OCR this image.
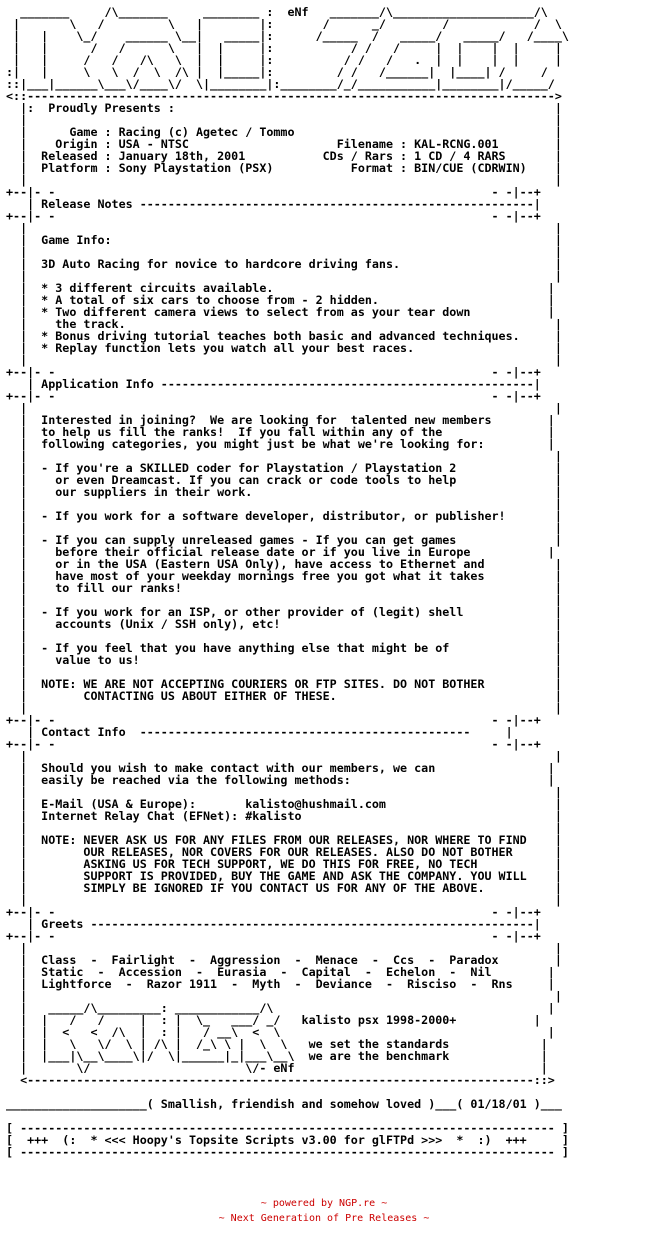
_______     /\_______     ________ :  eNf   _______/\____________________/\
|       \   /         \   |        |:       /      _/        /            /  \
|   |    \_/    ______ \__|   _____|:      /_____  /   _____/   _____/   /____\
|   |      /   /      \   |  |     |:           / /   /     |  |    |  |     |
|   |     /   /   /\   \  |  |     |:          / /   /   .  |  |    |  |     |
:|   |     \   \  /  \  /\ |  |_____|:         / /   /______|  |____| /     /
::|___|______\___\/____\/  \|________|:________/_/___________|________|/_____/
<::--------------------------------------------------------------------------->
|:  Proudly Presents :                                                      |
|                                                                           |
|      Game : Racing (c) Agetec / Tommo                                     |
|    Origin : USA - NTSC                     Filename : KAL-RCNG.001        |
|  Released : January 18th, 2001           CDs / Rars : 1 CD / 4 RARS       |
|  Platform : Sony Playstation (PSX)           Format : BIN/CUE (CDRWIN)    |
|                                                                           |
+--|- -                                                              - -|--+
| Release Notes --------------------------------------------------------|
+--|- -                                                              - -|--+
|                                                                           |
|  Game Info:                                                               |
|                                                                           |
|  3D Auto Racing for novice to hardcore driving fans.                      |
|                                                                           |
|  * 3 different circuits available.                                       |
|  * A total of six cars to choose from - 2 hidden.                        |
|  * Two different camera views to select from as your tear down           |
|    the track.                                                             |
|  * Bonus driving tutorial teaches both basic and advanced techniques.     |
|  * Replay function lets you watch all your best races.                    |
|                                                                           |
+--|- -                                                              - -|--+
| Application Info -----------------------------------------------------|
+--|- -                                                              - -|--+
|                                                                           |
|  Interested in joining?  We are looking for  talented new members        |
|  to help us fill the ranks!  If you fall within any of the               |
|  following categories, you might just be what we're looking for:         |
|                                                                           |
|  - If you're a SKILLED coder for Playstation / Playstation 2              |
|    or even Dreamcast. If you can crack or code tools to help              |
|    our suppliers in their work.                                           |
|                                                                           |
|  - If you work for a software developer, distributor, or publisher!       |
|                                                                           |
|  - If you can supply unreleased games - If you can get games              |
|    before their official release date or if you live in Europe           |
|    or in the USA (Eastern USA Only), have access to Ethernet and          |
|    have most of your weekday mornings free you got what it takes          |
|    to fill our ranks!                                                     |
|                                                                           |
|  - If you work for an ISP, or other provider of (legit) shell             |
|    accounts (Unix / SSH only), etc!                                       |
|                                                                           |
|  - If you feel that you have anything else that might be of               |
|    value to us!                                                           |
|                                                                           |
|  NOTE: WE ARE NOT ACCEPTING COURIERS OR FTP SITES. DO NOT BOTHER          |
|        CONTACTING US ABOUT EITHER OF THESE.                               |
|                                                                           |
+--|- -                                                              - -|--+
| Contact Info  -----------------------------------------------     |
+--|- -                                                              - -|--+
|                                                                           |
|  Should you wish to make contact with our members, we can                |
|  easily be reached via the following methods:                            |
|                                                                           |
|  E-Mail (USA & Europe):       kalisto@hushmail.com                        |
|  Internet Relay Chat (EFNet): #kalisto                                    |
|                                                                           |
|  NOTE: NEVER ASK US FOR ANY FILES FROM OUR RELEASES, NOR WHERE TO FIND    |
|        OUR RELEASES, NOR COVERS FOR OUR RELEASES. ALSO DO NOT BOTHER      |
|        ASKING US FOR TECH SUPPORT, WE DO THIS FOR FREE, NO TECH           |
|        SUPPORT IS PROVIDED, BUY THE GAME AND ASK THE COMPANY. YOU WILL    |
|        SIMPLY BE IGNORED IF YOU CONTACT US FOR ANY OF THE ABOVE.          |
|                                                                           |
+--|- -                                                              - -|--+
| Greets ---------------------------------------------------------------|
+--|- -                                                              - -|--+
|                                                                           |
|  Class  -  Fairlight  -  Aggression  -  Menace  -  Ccs  -  Paradox        |
|  Static  -  Accession  -  Eurasia  -  Capital  -  Echelon  -  Nil        |
|  Lightforce  -  Razor 1911  -  Myth  -  Deviance  -  Risciso  -  Rns     |
|                                                                           |
|   _____/\_________: ____________/\                                       |
|  |   /   /     |  : |  \_   ___/ _/   kalisto psx 1998-2000+           |
|  |  <   <  /\  |  : |   / __\  <  \                                      |
|  |   \   \/  \ | /\ |  /_\ \ |  \  \   we set the standards             |
|  |___|\__\____\|/  \|______|_|___\__\  we are the benchmark             |
|       \/                      \/- eNf                                   |
<------------------------------------------------------------------------::>

____________________( Smallish, friendish and somehow loved )___( 01/18/01 )___

[ ---------------------------------------------------------------------------- ]
[  +++  (:  * <<< Hoopy's Topsite Scripts v3.00 for glFTPd >>>  *  :)  +++     ]
[ ---------------------------------------------------------------------------- ]

~ powered by NGP.re ~
~ Next Generation of Pre Releases ~
